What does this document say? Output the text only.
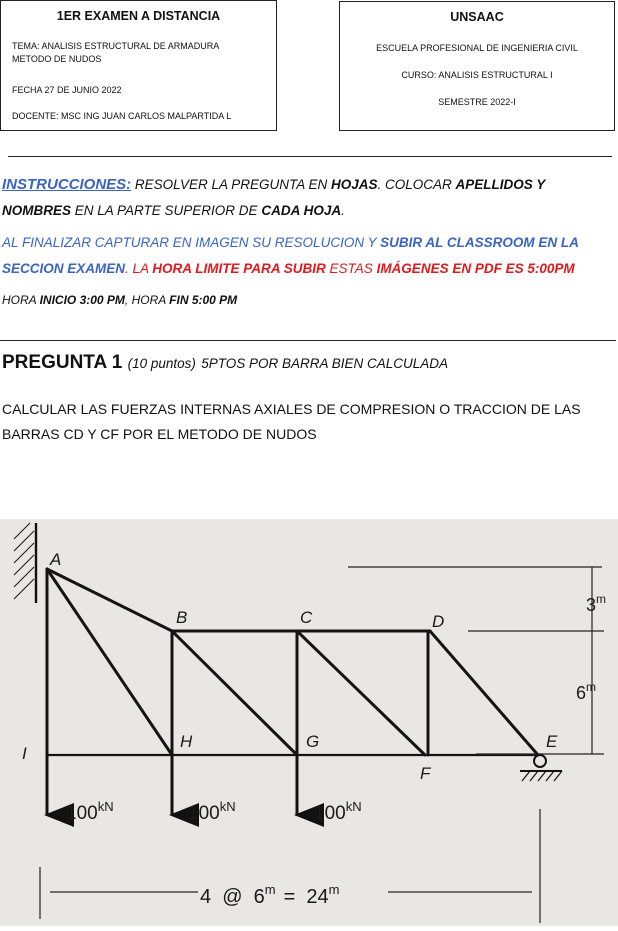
1ER EXAMEN A DISTANCIA
TEMA: ANALISIS ESTRUCTURAL DE ARMADURA
METODO DE NUDOS
FECHA 27 DE JUNIO 2022
DOCENTE: MSC ING JUAN CARLOS MALPARTIDA L
UNSAAC
ESCUELA PROFESIONAL DE INGENIERIA CIVIL
CURSO: ANALISIS ESTRUCTURAL I
SEMESTRE 2022-I
INSTRUCCIONES: RESOLVER LA PREGUNTA EN HOJAS. COLOCAR APELLIDOS Y NOMBRES EN LA PARTE SUPERIOR DE CADA HOJA.
AL FINALIZAR CAPTURAR EN IMAGEN SU RESOLUCION Y SUBIR AL CLASSROOM EN LA SECCION EXAMEN. LA HORA LIMITE PARA SUBIR ESTAS IMÁGENES EN PDF ES 5:00PM
HORA INICIO 3:00 PM, HORA FIN 5:00 PM
PREGUNTA 1 (10 puntos) 5PTOS POR BARRA BIEN CALCULADA
CALCULAR LAS FUERZAS INTERNAS AXIALES DE COMPRESION O TRACCION DE LAS BARRAS CD Y CF POR EL METODO DE NUDOS
$100^{kN}$	$100^{kN}$	$100^{kN}$
A
B	C	D
E
F
G
H
I
3$^m$
6$^m$
4  @  $6^m = 24^m$
